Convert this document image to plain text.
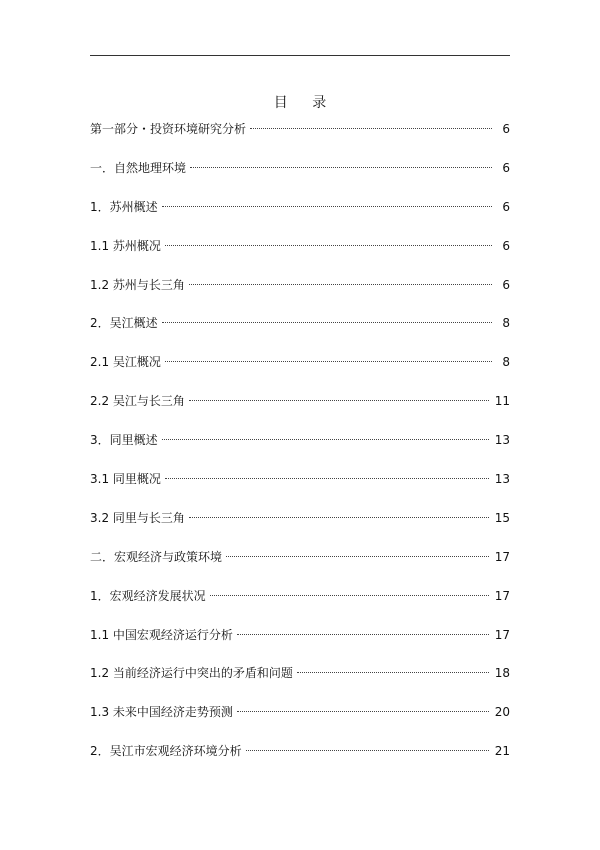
目 录
第一部分・投资环境研究分析	6
一．自然地理环境	6
1．苏州概述	6
1.1 苏州概况	6
1.2 苏州与长三角	6
2．吴江概述	8
2.1 吴江概况	8
2.2 吴江与长三角	11
3．同里概述	13
3.1 同里概况	13
3.2 同里与长三角	15
二．宏观经济与政策环境	17
1．宏观经济发展状况	17
1.1 中国宏观经济运行分析	17
1.2 当前经济运行中突出的矛盾和问题	18
1.3 未来中国经济走势预测	20
2．吴江市宏观经济环境分析	21
